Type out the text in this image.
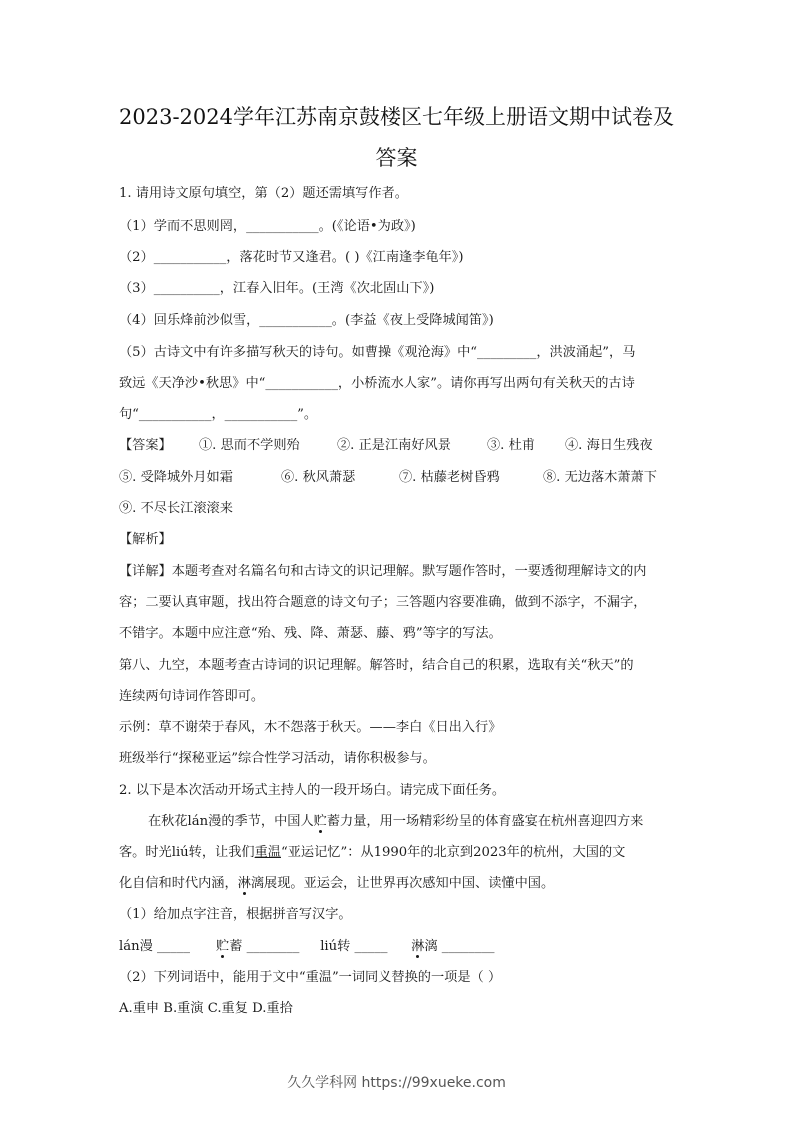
2023-2024学年江苏南京鼓楼区七年级上册语文期中试卷及
答案
1. 请用诗文原句填空，第（2）题还需填写作者。
（1）学而不思则罔，___________。(《论语•为政》)
（2）___________，落花时节又逢君。( )《江南逢李龟年》)
（3）__________，江春入旧年。(王湾《次北固山下》)
（4）回乐烽前沙似雪，___________。(李益《夜上受降城闻笛》)
（5）古诗文中有许多描写秋天的诗句。如曹操《观沧海》中“_________，洪波涌起”，马
致远《天净沙•秋思》中“___________，小桥流水人家”。请你再写出两句有关秋天的古诗
句“___________，___________”。
【答案】 ①. 思而不学则殆	②. 正是江南好风景	③. 杜甫 ④. 海日生残夜
⑤. 受降城外月如霜	⑥. 秋风萧瑟	⑦. 枯藤老树昏鸦	⑧. 无边落木萧萧下
⑨. 不尽长江滚滚来
【解析】
【详解】本题考查对名篇名句和古诗文的识记理解。默写题作答时，一要透彻理解诗文的内
容；二要认真审题，找出符合题意的诗文句子；三答题内容要准确，做到不添字，不漏字，
不错字。本题中应注意“殆、残、降、萧瑟、藤、鸦”等字的写法。
第八、九空，本题考查古诗词的识记理解。解答时，结合自己的积累，选取有关“秋天”的
连续两句诗词作答即可。
示例：草不谢荣于春风，木不怨落于秋天。——李白《日出入行》
班级举行“探秘亚运”综合性学习活动，请你积极参与。
2. 以下是本次活动开场式主持人的一段开场白。请完成下面任务。
在秋花lán漫的季节，中国人贮蓄力量，用一场精彩纷呈的体育盛宴在杭州喜迎四方来
客。时光liú转，让我们重温“亚运记忆”：从1990年的北京到2023年的杭州，大国的文
化自信和时代内涵，淋漓展现。亚运会，让世界再次感知中国、读懂中国。
（1）给加点字注音，根据拼音写汉字。
lán漫 _____ 贮蓄 ________ liú转 _____ 淋漓 ________
（2）下列词语中，能用于文中“重温”一词同义替换的一项是（ ）
A.重申 B.重演 C.重复 D.重拾
久久学科网 https://99xueke.com
